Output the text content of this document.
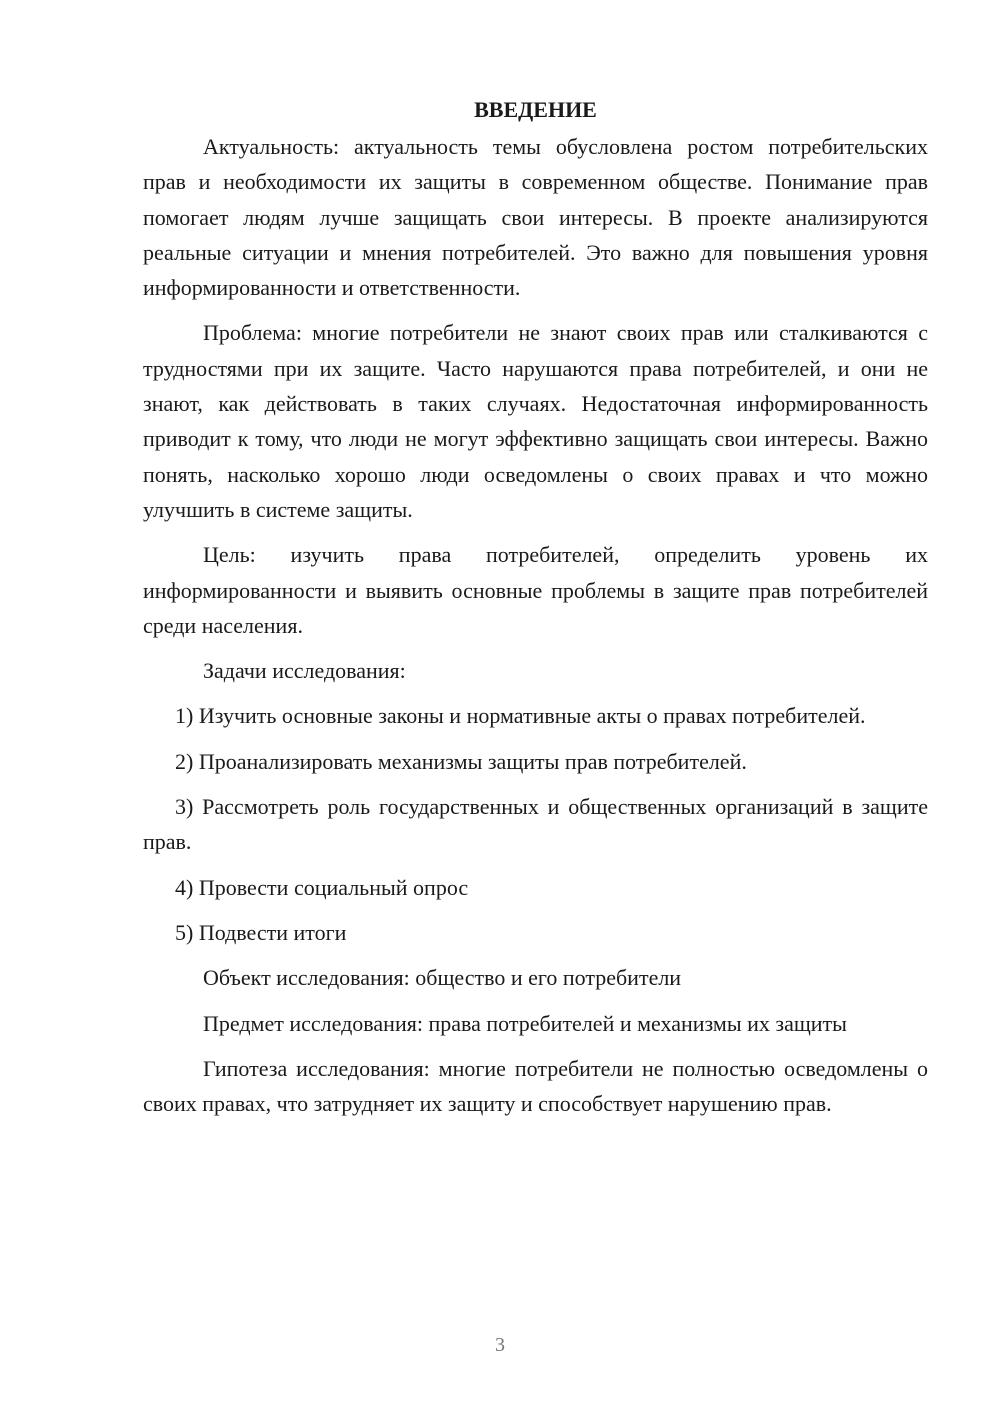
ВВЕДЕНИЕ

Актуальность: актуальность темы обусловлена ростом потребительских прав и необходимости их защиты в современном обществе. Понимание прав помогает людям лучше защищать свои интересы. В проекте анализируются реальные ситуации и мнения потребителей. Это важно для повышения уровня информированности и ответственности.

Проблема: многие потребители не знают своих прав или сталкиваются с трудностями при их защите. Часто нарушаются права потребителей, и они не знают, как действовать в таких случаях. Недостаточная информированность приводит к тому, что люди не могут эффективно защищать свои интересы. Важно понять, насколько хорошо люди осведомлены о своих правах и что можно улучшить в системе защиты.

Цель: изучить права потребителей, определить уровень их информированности и выявить основные проблемы в защите прав потребителей среди населения.

Задачи исследования:

1) Изучить основные законы и нормативные акты о правах потребителей.

2) Проанализировать механизмы защиты прав потребителей.

3) Рассмотреть роль государственных и общественных организаций в защите прав.

4) Провести социальный опрос

5) Подвести итоги

Объект исследования: общество и его потребители

Предмет исследования: права потребителей и механизмы их защиты

Гипотеза исследования: многие потребители не полностью осведомлены о своих правах, что затрудняет их защиту и способствует нарушению прав.

3
